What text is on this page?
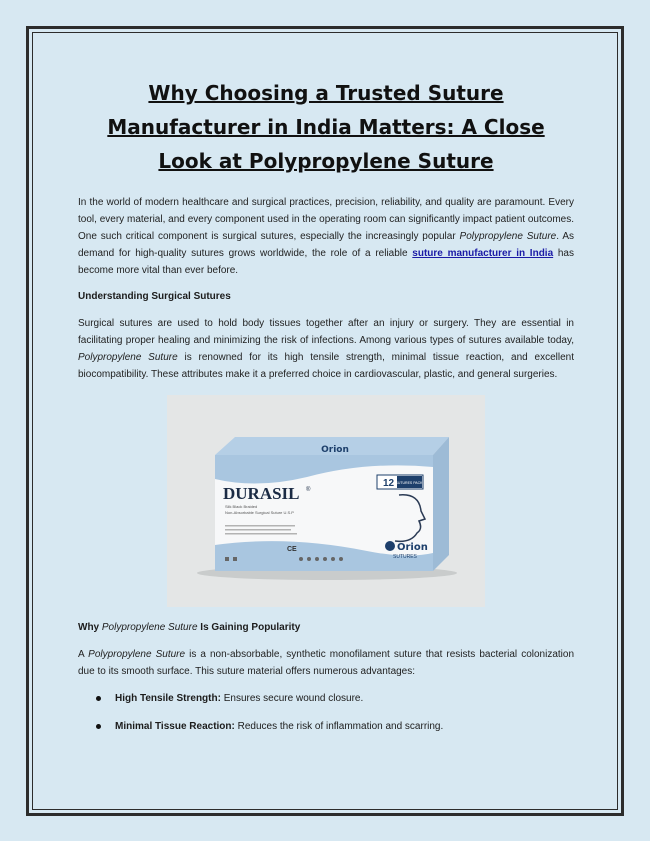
Why Choosing a Trusted Suture Manufacturer in India Matters: A Close Look at Polypropylene Suture

In the world of modern healthcare and surgical practices, precision, reliability, and quality are paramount. Every tool, every material, and every component used in the operating room can significantly impact patient outcomes. One such critical component is surgical sutures, especially the increasingly popular Polypropylene Suture. As demand for high-quality sutures grows worldwide, the role of a reliable suture manufacturer in India has become more vital than ever before.

Understanding Surgical Sutures

Surgical sutures are used to hold body tissues together after an injury or surgery. They are essential in facilitating proper healing and minimizing the risk of infections. Among various types of sutures available today, Polypropylene Suture is renowned for its high tensile strength, minimal tissue reaction, and excellent biocompatibility. These attributes make it a preferred choice in cardiovascular, plastic, and general surgeries.

Orion
DURASIL ®
Silk Black Braided
Non-Absorbable Surgical Suture U.S.P
CE
12 SUTURES PACK
Orion
SUTURES
Why Polypropylene Suture Is Gaining Popularity

A Polypropylene Suture is a non-absorbable, synthetic monofilament suture that resists bacterial colonization due to its smooth surface. This suture material offers numerous advantages:

High Tensile Strength: Ensures secure wound closure.
Minimal Tissue Reaction: Reduces the risk of inflammation and scarring.
